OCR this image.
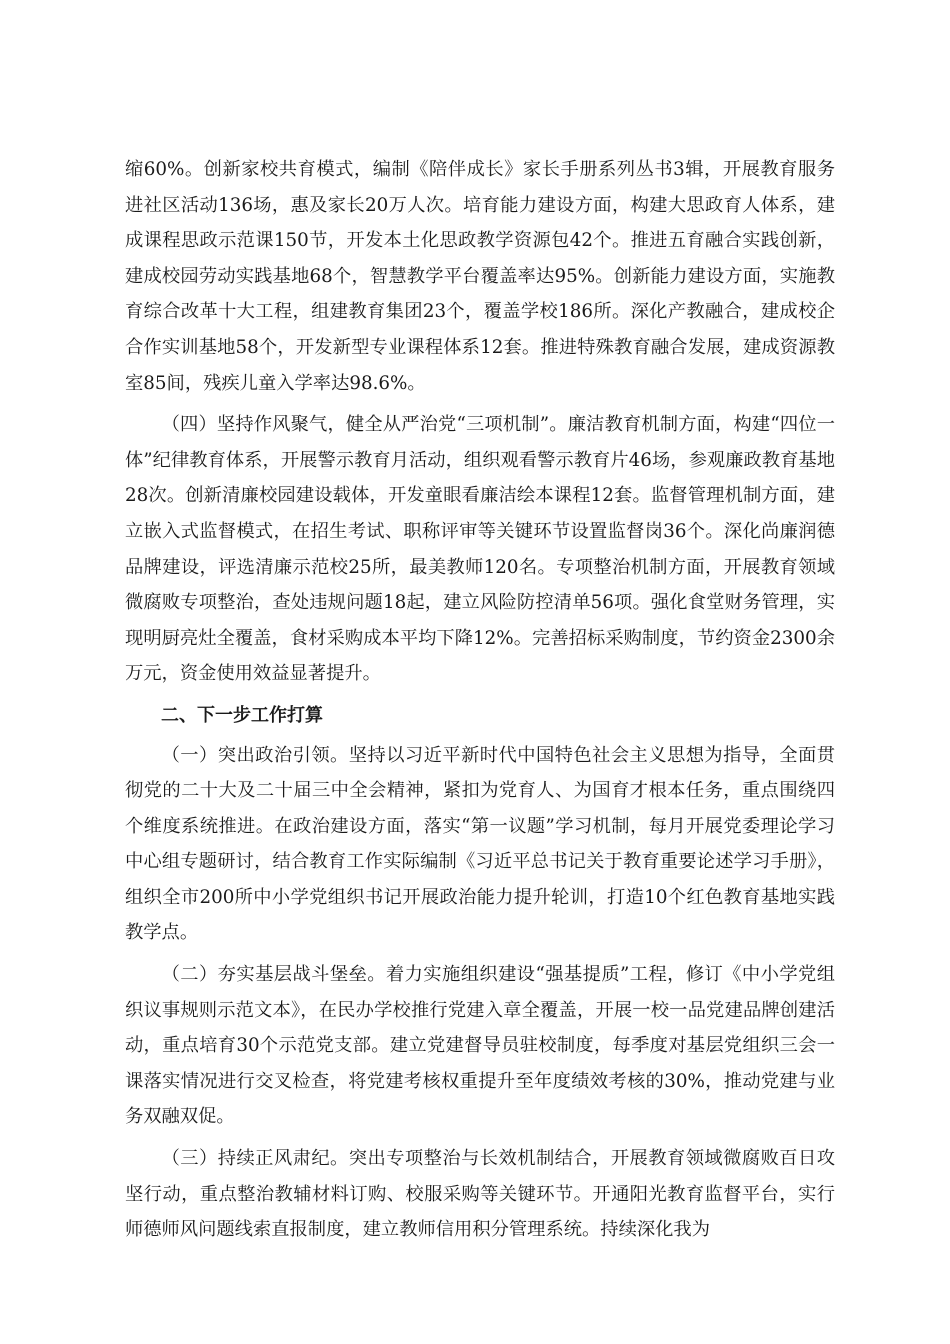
缩60%。创新家校共育模式，编制《陪伴成长》家长手册系列丛书3辑，开展教育服务进社区活动136场，惠及家长20万人次。培育能力建设方面，构建大思政育人体系，建成课程思政示范课150节，开发本土化思政教学资源包42个。推进五育融合实践创新，建成校园劳动实践基地68个，智慧教学平台覆盖率达95%。创新能力建设方面，实施教育综合改革十大工程，组建教育集团23个，覆盖学校186所。深化产教融合，建成校企合作实训基地58个，开发新型专业课程体系12套。推进特殊教育融合发展，建成资源教室85间，残疾儿童入学率达98.6%。

（四）坚持作风聚气，健全从严治党“三项机制”。廉洁教育机制方面，构建“四位一体”纪律教育体系，开展警示教育月活动，组织观看警示教育片46场，参观廉政教育基地28次。创新清廉校园建设载体，开发童眼看廉洁绘本课程12套。监督管理机制方面，建立嵌入式监督模式，在招生考试、职称评审等关键环节设置监督岗36个。深化尚廉润德品牌建设，评选清廉示范校25所，最美教师120名。专项整治机制方面，开展教育领域微腐败专项整治，查处违规问题18起，建立风险防控清单56项。强化食堂财务管理，实现明厨亮灶全覆盖，食材采购成本平均下降12%。完善招标采购制度，节约资金2300余万元，资金使用效益显著提升。

二、下一步工作打算

（一）突出政治引领。坚持以习近平新时代中国特色社会主义思想为指导，全面贯彻党的二十大及二十届三中全会精神，紧扣为党育人、为国育才根本任务，重点围绕四个维度系统推进。在政治建设方面，落实“第一议题”学习机制，每月开展党委理论学习中心组专题研讨，结合教育工作实际编制《习近平总书记关于教育重要论述学习手册》，组织全市200所中小学党组织书记开展政治能力提升轮训，打造10个红色教育基地实践教学点。

（二）夯实基层战斗堡垒。着力实施组织建设“强基提质”工程，修订《中小学党组织议事规则示范文本》，在民办学校推行党建入章全覆盖，开展一校一品党建品牌创建活动，重点培育30个示范党支部。建立党建督导员驻校制度，每季度对基层党组织三会一课落实情况进行交叉检查，将党建考核权重提升至年度绩效考核的30%，推动党建与业务双融双促。

（三）持续正风肃纪。突出专项整治与长效机制结合，开展教育领域微腐败百日攻坚行动，重点整治教辅材料订购、校服采购等关键环节。开通阳光教育监督平台，实行师德师风问题线索直报制度，建立教师信用积分管理系统。持续深化我为
